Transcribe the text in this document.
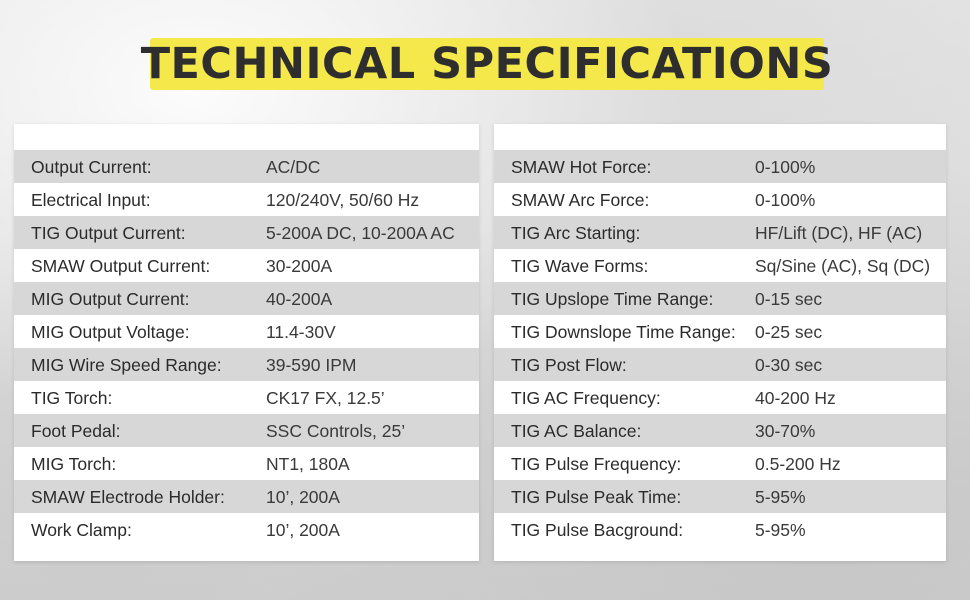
TECHNICAL SPECIFICATIONS
Output Current:	AC/DC
Electrical Input:	120/240V, 50/60 Hz
TIG Output Current:	5-200A DC, 10-200A AC
SMAW Output Current:	30-200A
MIG Output Current:	40-200A
MIG Output Voltage:	11.4-30V
MIG Wire Speed Range:	39-590 IPM
TIG Torch:	CK17 FX, 12.5’
Foot Pedal:	SSC Controls, 25’
MIG Torch:	NT1, 180A
SMAW Electrode Holder: 10’, 200A
Work Clamp:	10’, 200A
SMAW Hot Force:	0-100%
SMAW Arc Force:	0-100%
TIG Arc Starting:	HF/Lift (DC), HF (AC)
TIG Wave Forms:	Sq/Sine (AC), Sq (DC)
TIG Upslope Time Range: 0-15 sec
TIG Downslope Time Range: 0-25 sec
TIG Post Flow:	0-30 sec
TIG AC Frequency:	40-200 Hz
TIG AC Balance:	30-70%
TIG Pulse Frequency:	0.5-200 Hz
TIG Pulse Peak Time:	5-95%
TIG Pulse Bacground:	5-95%
